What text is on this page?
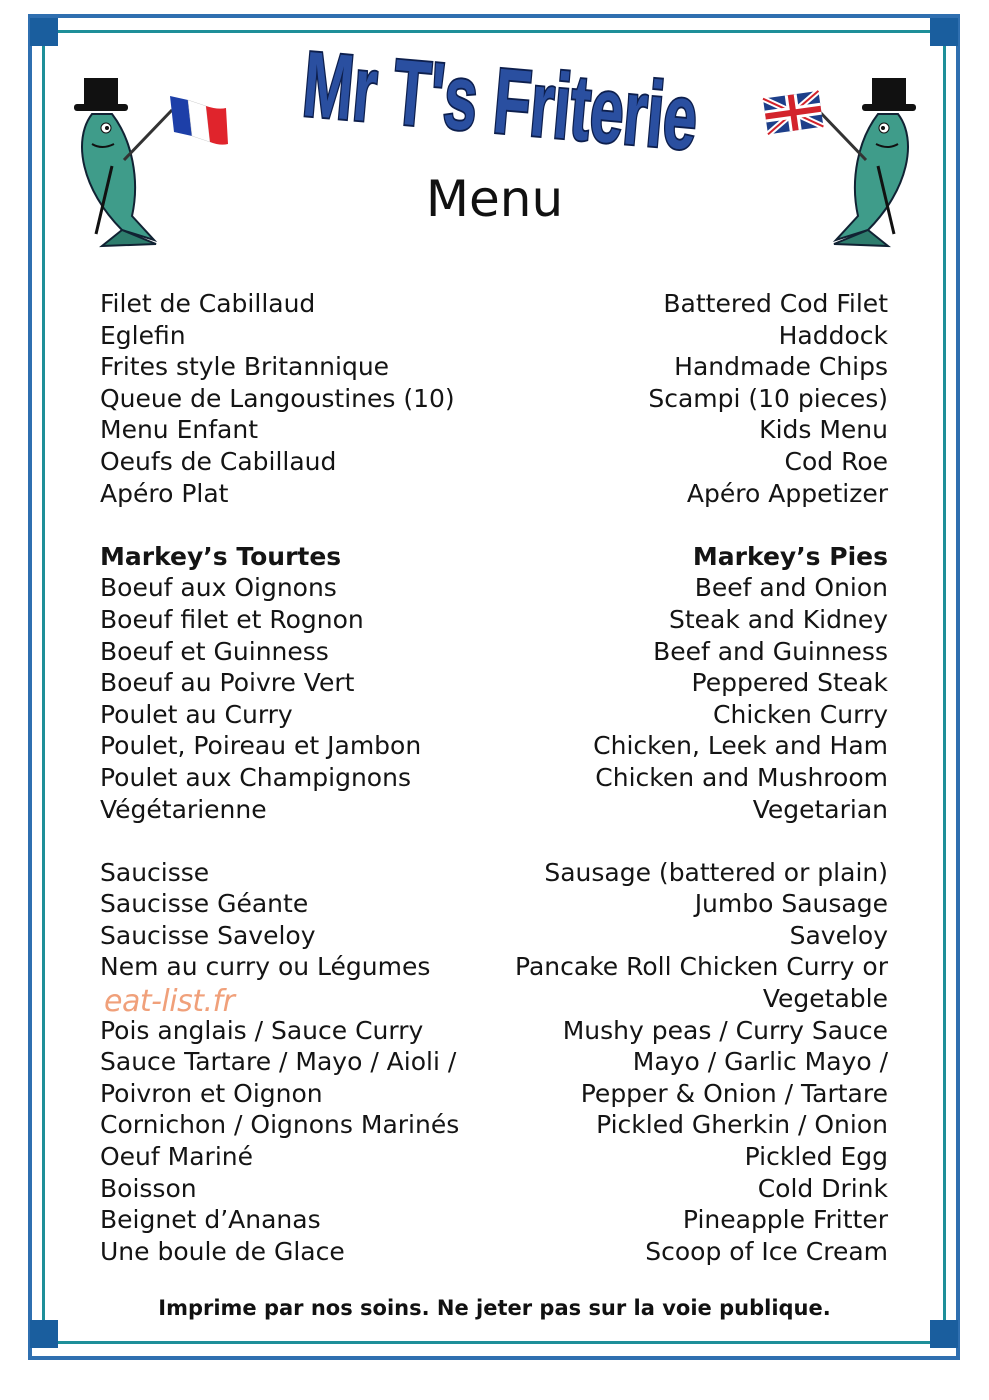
Mr T's Friterie
Menu
Filet de Cabillaud
Eglefin
Frites style Britannique
Queue de Langoustines (10)
Menu Enfant
Oeufs de Cabillaud
Apéro Plat
Markey’s Tourtes
Boeuf aux Oignons
Boeuf filet et Rognon
Boeuf et Guinness
Boeuf au Poivre Vert
Poulet au Curry
Poulet, Poireau et Jambon
Poulet aux Champignons
Végétarienne
Saucisse
Saucisse Géante
Saucisse Saveloy
Nem au curry ou Légumes

Pois anglais / Sauce Curry
Sauce Tartare / Mayo / Aioli /
Poivron et Oignon
Cornichon / Oignons Marinés
Oeuf Mariné
Boisson
Beignet d’Ananas
Une boule de Glace
Battered Cod Filet
Haddock
Handmade Chips
Scampi (10 pieces)
Kids Menu
Cod Roe
Apéro Appetizer
Markey’s Pies
Beef and Onion
Steak and Kidney
Beef and Guinness
Peppered Steak
Chicken Curry
Chicken, Leek and Ham
Chicken and Mushroom
Vegetarian
Sausage (battered or plain)
Jumbo Sausage
Saveloy
Pancake Roll Chicken Curry or
Vegetable
Mushy peas / Curry Sauce
Mayo / Garlic Mayo /
Pepper & Onion / Tartare
Pickled Gherkin / Onion
Pickled Egg
Cold Drink
Pineapple Fritter
Scoop of Ice Cream
eat-list.fr
Imprime par nos soins. Ne jeter pas sur la voie publique.
